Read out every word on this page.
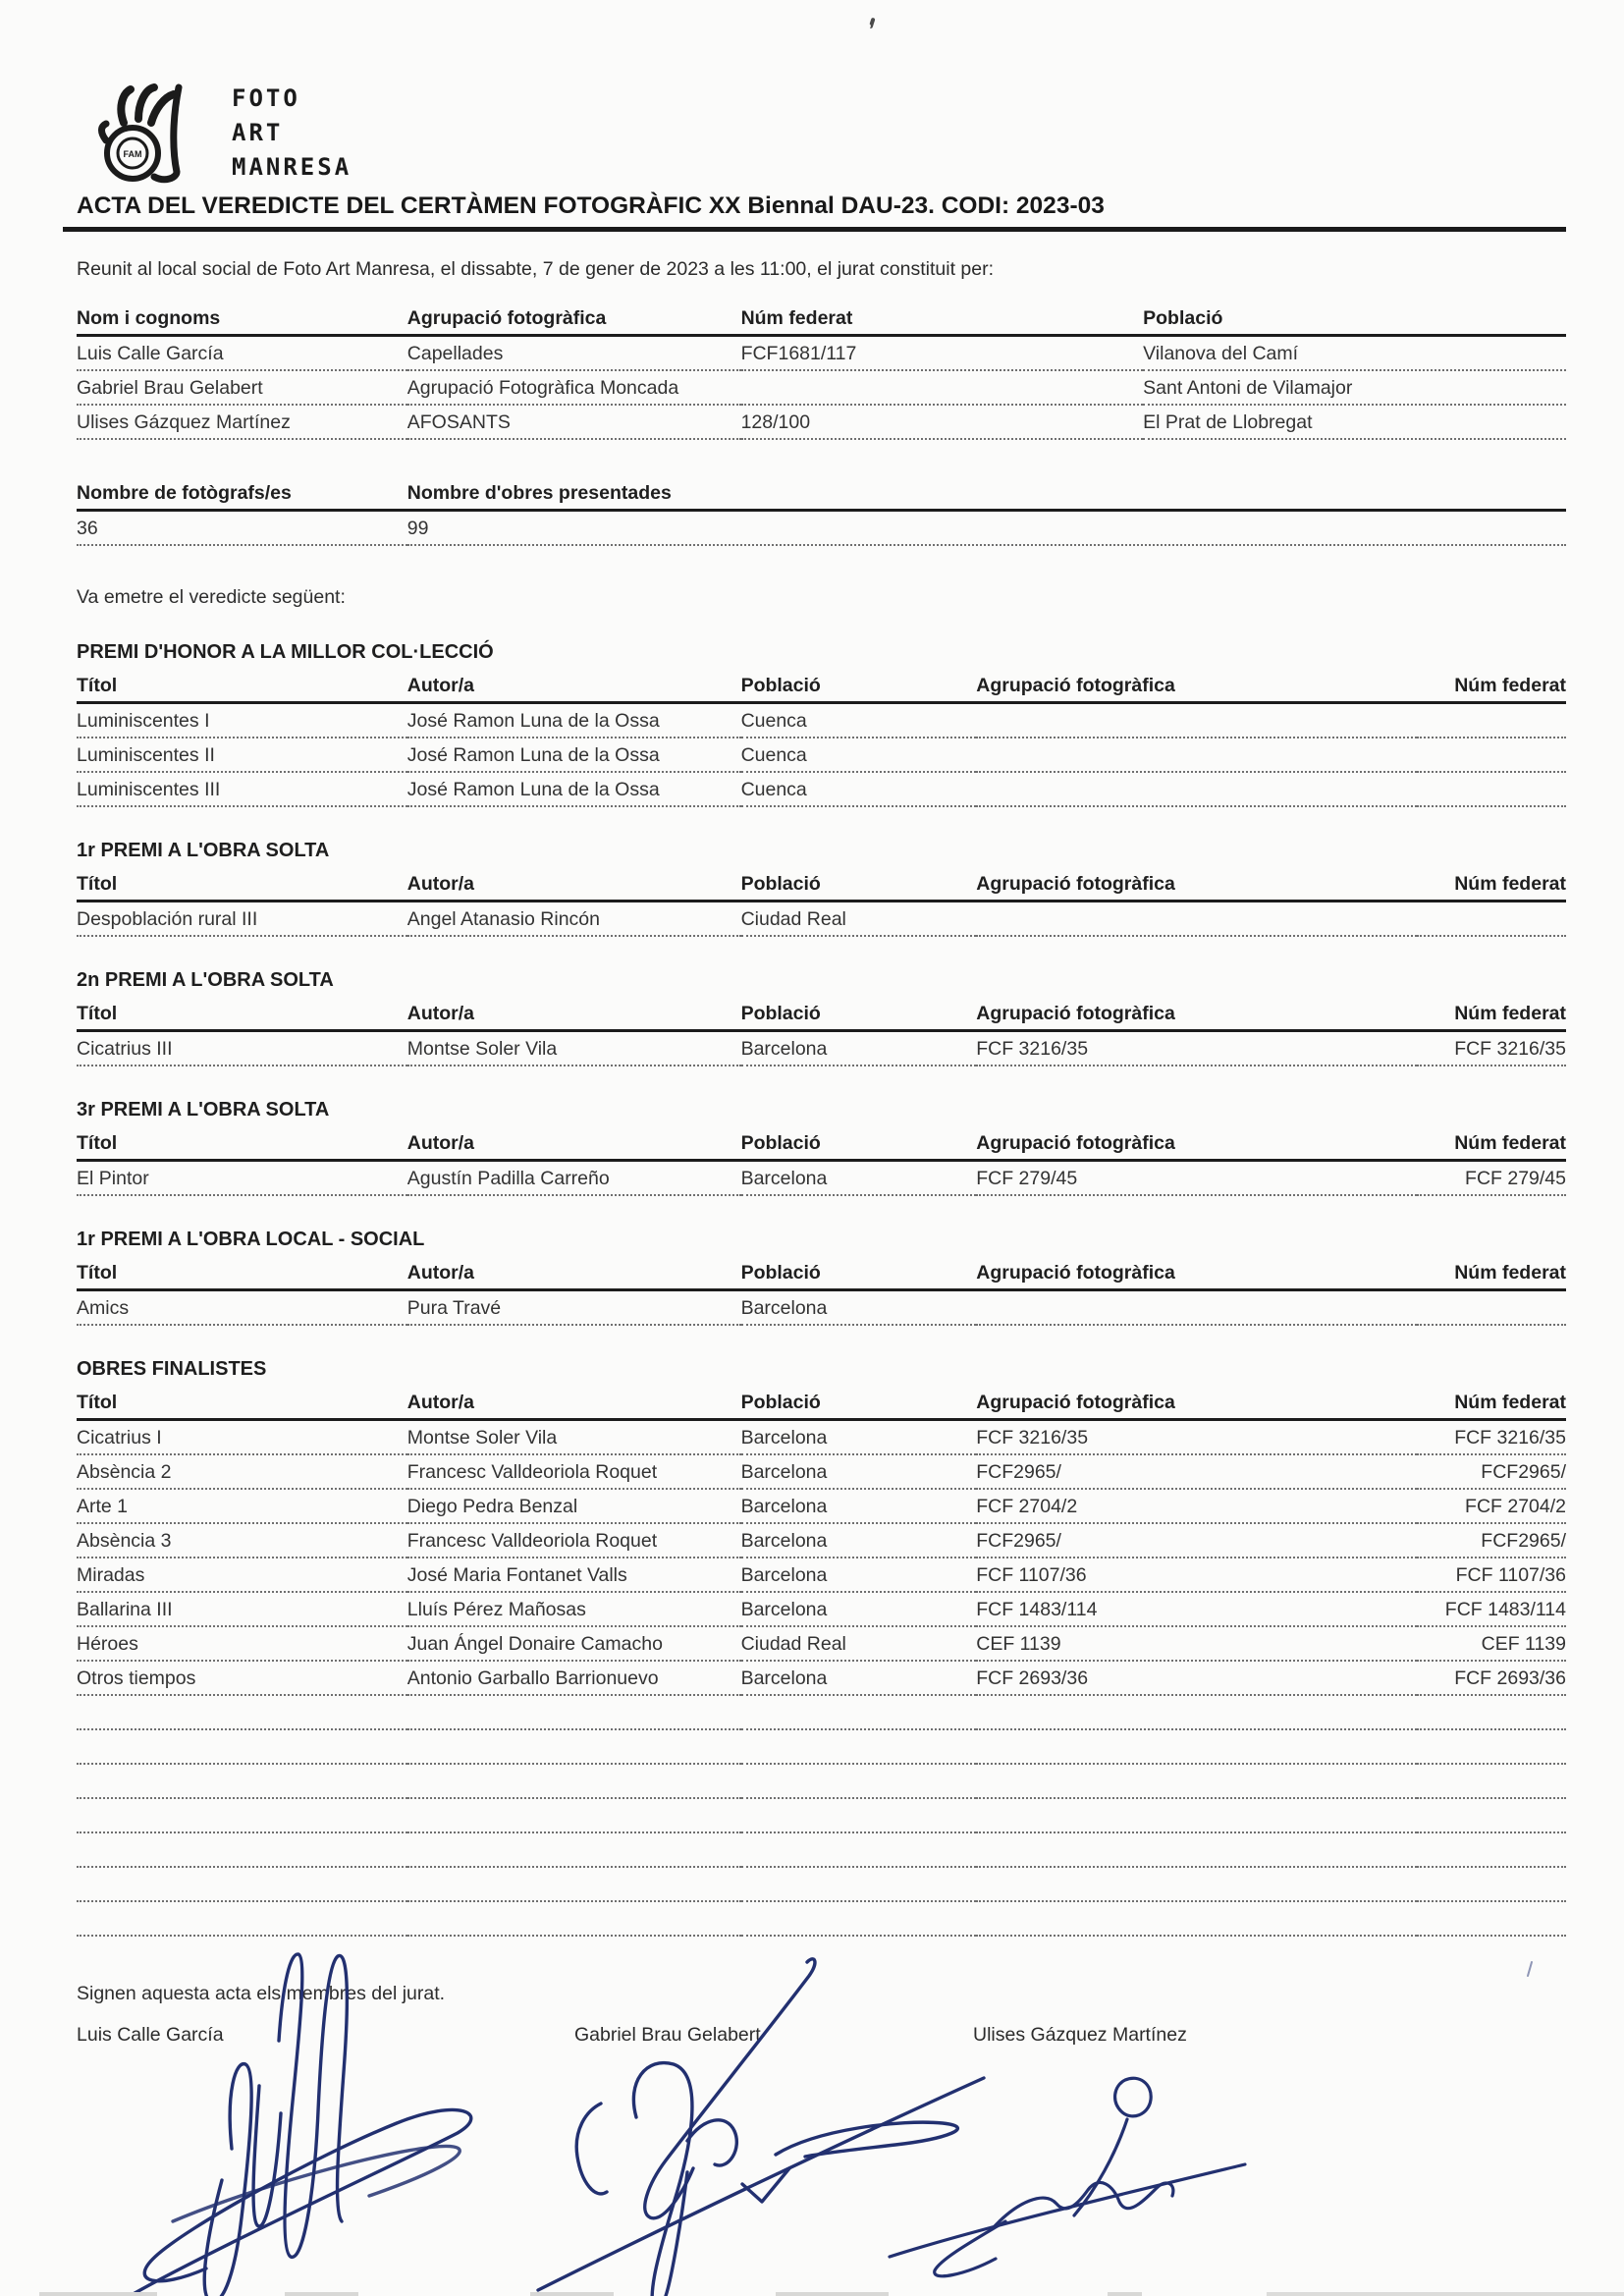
FAM
FOTO
ART
MANRESA
ACTA DEL VEREDICTE DEL CERTÀMEN FOTOGRÀFIC XX Biennal DAU-23. CODI: 2023-03

Reunit al local social de Foto Art Manresa, el dissabte, 7 de gener de 2023 a les 11:00, el jurat constituit per:

Nom i cognoms	Agrupació fotogràfica	Núm federat	Població
Luis Calle García	Capellades	FCF1681/117	Vilanova del Camí
Gabriel Brau Gelabert	Agrupació Fotogràfica Moncada		Sant Antoni de Vilamajor
Ulises Gázquez Martínez	AFOSANTS	128/100	El Prat de Llobregat
Nombre de fotògrafs/es	Nombre d'obres presentades
36	99

Va emetre el veredicte següent:

PREMI D'HONOR A LA MILLOR COL·LECCIÓ
Títol	Autor/a	Població	Agrupació fotogràfica	Núm federat
Luminiscentes I	José Ramon Luna de la Ossa	Cuenca		
Luminiscentes II	José Ramon Luna de la Ossa	Cuenca		
Luminiscentes III	José Ramon Luna de la Ossa	Cuenca		
1r PREMI A L'OBRA SOLTA
Títol	Autor/a	Població	Agrupació fotogràfica	Núm federat
Despoblación rural III	Angel Atanasio Rincón	Ciudad Real		
2n PREMI A L'OBRA SOLTA
Títol	Autor/a	Població	Agrupació fotogràfica	Núm federat
Cicatrius III	Montse Soler Vila	Barcelona	FCF 3216/35	FCF 3216/35
3r PREMI A L'OBRA SOLTA
Títol	Autor/a	Població	Agrupació fotogràfica	Núm federat
El Pintor	Agustín Padilla Carreño	Barcelona	FCF 279/45	FCF 279/45
1r PREMI A L'OBRA LOCAL - SOCIAL
Títol	Autor/a	Població	Agrupació fotogràfica	Núm federat
Amics	Pura Travé	Barcelona		
OBRES FINALISTES
Títol	Autor/a	Població	Agrupació fotogràfica	Núm federat
Cicatrius I	Montse Soler Vila	Barcelona	FCF 3216/35	FCF 3216/35
Absència 2	Francesc Valldeoriola Roquet	Barcelona	FCF2965/	FCF2965/
Arte 1	Diego Pedra Benzal	Barcelona	FCF 2704/2	FCF 2704/2
Absència 3	Francesc Valldeoriola Roquet	Barcelona	FCF2965/	FCF2965/
Miradas	José Maria Fontanet Valls	Barcelona	FCF 1107/36	FCF 1107/36
Ballarina III	Lluís Pérez Mañosas	Barcelona	FCF 1483/114	FCF 1483/114
Héroes	Juan Ángel Donaire Camacho	Ciudad Real	CEF 1139	CEF 1139
Otros tiempos	Antonio Garballo Barrionuevo	Barcelona	FCF 2693/36	FCF 2693/36

Signen aquesta acta els membres del jurat.

Luis Calle García	Gabriel Brau Gelabert	Ulises Gázquez Martínez
